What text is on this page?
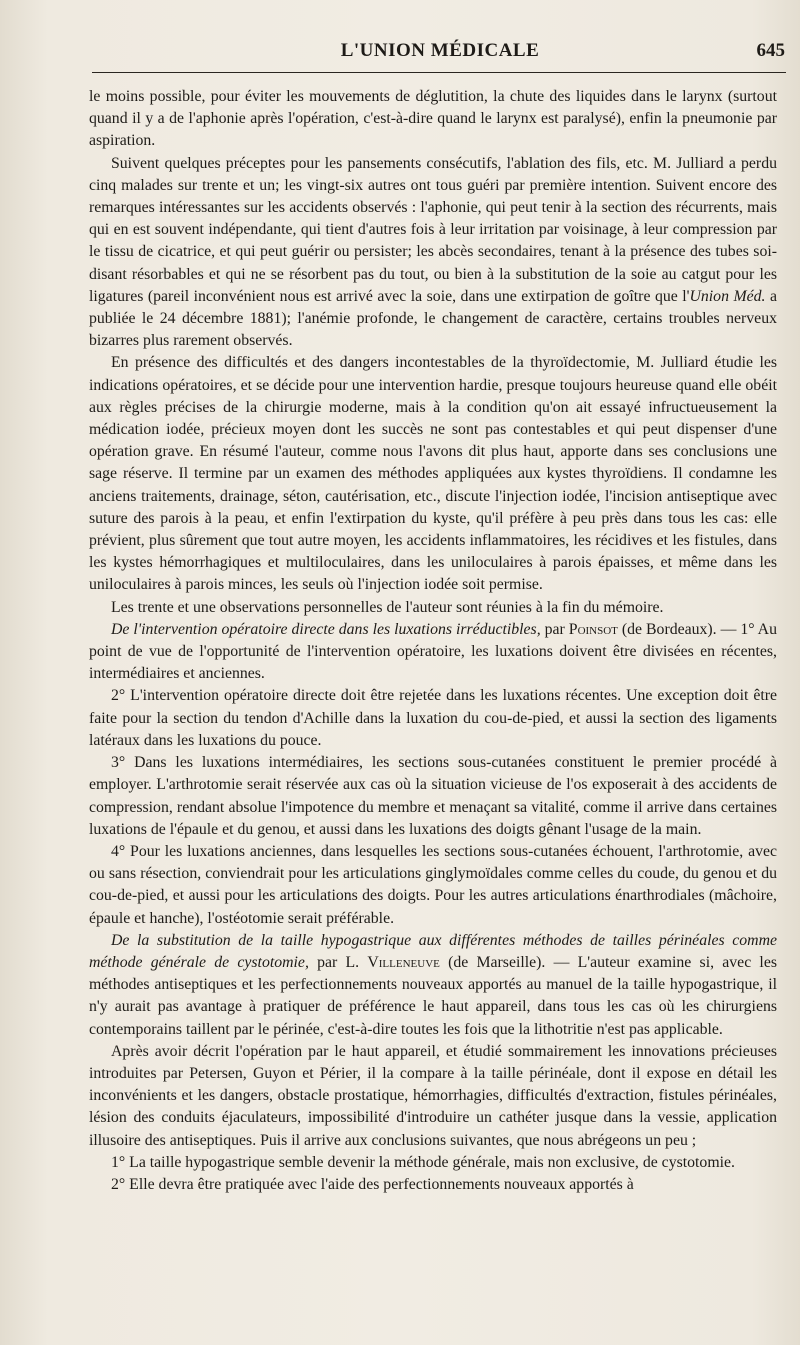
L'UNION MÉDICALE	645

le moins possible, pour éviter les mouvements de déglutition, la chute des liquides dans le larynx (surtout quand il y a de l'aphonie après l'opération, c'est-à-dire quand le larynx est paralysé), enfin la pneumonie par aspiration.

Suivent quelques préceptes pour les pansements consécutifs, l'ablation des fils, etc. M. Julliard a perdu cinq malades sur trente et un; les vingt-six autres ont tous guéri par première intention. Suivent encore des remarques intéressantes sur les accidents observés : l'aphonie, qui peut tenir à la section des récurrents, mais qui en est souvent indépendante, qui tient d'autres fois à leur irritation par voisinage, à leur compression par le tissu de cicatrice, et qui peut guérir ou persister; les abcès secondaires, tenant à la présence des tubes soi-disant résorbables et qui ne se résorbent pas du tout, ou bien à la substitution de la soie au catgut pour les ligatures (pareil inconvénient nous est arrivé avec la soie, dans une extirpation de goître que l'Union Méd. a publiée le 24 décembre 1881); l'anémie profonde, le changement de caractère, certains troubles nerveux bizarres plus rarement observés.

En présence des difficultés et des dangers incontestables de la thyroïdectomie, M. Julliard étudie les indications opératoires, et se décide pour une intervention hardie, presque toujours heureuse quand elle obéit aux règles précises de la chirurgie moderne, mais à la condition qu'on ait essayé infructueusement la médication iodée, précieux moyen dont les succès ne sont pas contestables et qui peut dispenser d'une opération grave. En résumé l'auteur, comme nous l'avons dit plus haut, apporte dans ses conclusions une sage réserve. Il termine par un examen des méthodes appliquées aux kystes thyroïdiens. Il condamne les anciens traitements, drainage, séton, cautérisation, etc., discute l'injection iodée, l'incision antiseptique avec suture des parois à la peau, et enfin l'extirpation du kyste, qu'il préfère à peu près dans tous les cas: elle prévient, plus sûrement que tout autre moyen, les accidents inflammatoires, les récidives et les fistules, dans les kystes hémorrhagiques et multiloculaires, dans les uniloculaires à parois épaisses, et même dans les uniloculaires à parois minces, les seuls où l'injection iodée soit permise.

Les trente et une observations personnelles de l'auteur sont réunies à la fin du mémoire.

De l'intervention opératoire directe dans les luxations irréductibles, par Poinsot (de Bordeaux). — 1° Au point de vue de l'opportunité de l'intervention opératoire, les luxations doivent être divisées en récentes, intermédiaires et anciennes.

2° L'intervention opératoire directe doit être rejetée dans les luxations récentes. Une exception doit être faite pour la section du tendon d'Achille dans la luxation du cou-de-pied, et aussi la section des ligaments latéraux dans les luxations du pouce.

3° Dans les luxations intermédiaires, les sections sous-cutanées constituent le premier procédé à employer. L'arthrotomie serait réservée aux cas où la situation vicieuse de l'os exposerait à des accidents de compression, rendant absolue l'impotence du membre et menaçant sa vitalité, comme il arrive dans certaines luxations de l'épaule et du genou, et aussi dans les luxations des doigts gênant l'usage de la main.

4° Pour les luxations anciennes, dans lesquelles les sections sous-cutanées échouent, l'arthrotomie, avec ou sans résection, conviendrait pour les articulations ginglymoïdales comme celles du coude, du genou et du cou-de-pied, et aussi pour les articulations des doigts. Pour les autres articulations énarthrodiales (mâchoire, épaule et hanche), l'ostéotomie serait préférable.

De la substitution de la taille hypogastrique aux différentes méthodes de tailles périnéales comme méthode générale de cystotomie, par L. Villeneuve (de Marseille). — L'auteur examine si, avec les méthodes antiseptiques et les perfectionnements nouveaux apportés au manuel de la taille hypogastrique, il n'y aurait pas avantage à pratiquer de préférence le haut appareil, dans tous les cas où les chirurgiens contemporains taillent par le périnée, c'est-à-dire toutes les fois que la lithotritie n'est pas applicable.

Après avoir décrit l'opération par le haut appareil, et étudié sommairement les innovations précieuses introduites par Petersen, Guyon et Périer, il la compare à la taille périnéale, dont il expose en détail les inconvénients et les dangers, obstacle prostatique, hémorrhagies, difficultés d'extraction, fistules périnéales, lésion des conduits éjaculateurs, impossibilité d'introduire un cathéter jusque dans la vessie, application illusoire des antiseptiques. Puis il arrive aux conclusions suivantes, que nous abrégeons un peu ;

1° La taille hypogastrique semble devenir la méthode générale, mais non exclusive, de cystotomie.

2° Elle devra être pratiquée avec l'aide des perfectionnements nouveaux apportés à
